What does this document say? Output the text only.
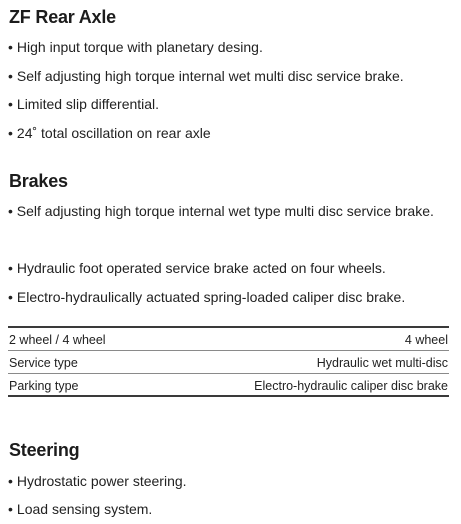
ZF Rear Axle
• High input torque with planetary desing.
• Self adjusting high torque internal wet multi disc service brake.
• Limited slip differential.
• 24˚ total oscillation on rear axle
Brakes
• Self adjusting high torque internal wet type multi disc service brake.
• Hydraulic foot operated service brake acted on four wheels.
• Electro-hydraulically actuated spring-loaded caliper disc brake.
2 wheel / 4 wheel	4 wheel
Service type	Hydraulic wet multi-disc
Parking type	Electro-hydraulic caliper disc brake
Steering
• Hydrostatic power steering.
• Load sensing system.
